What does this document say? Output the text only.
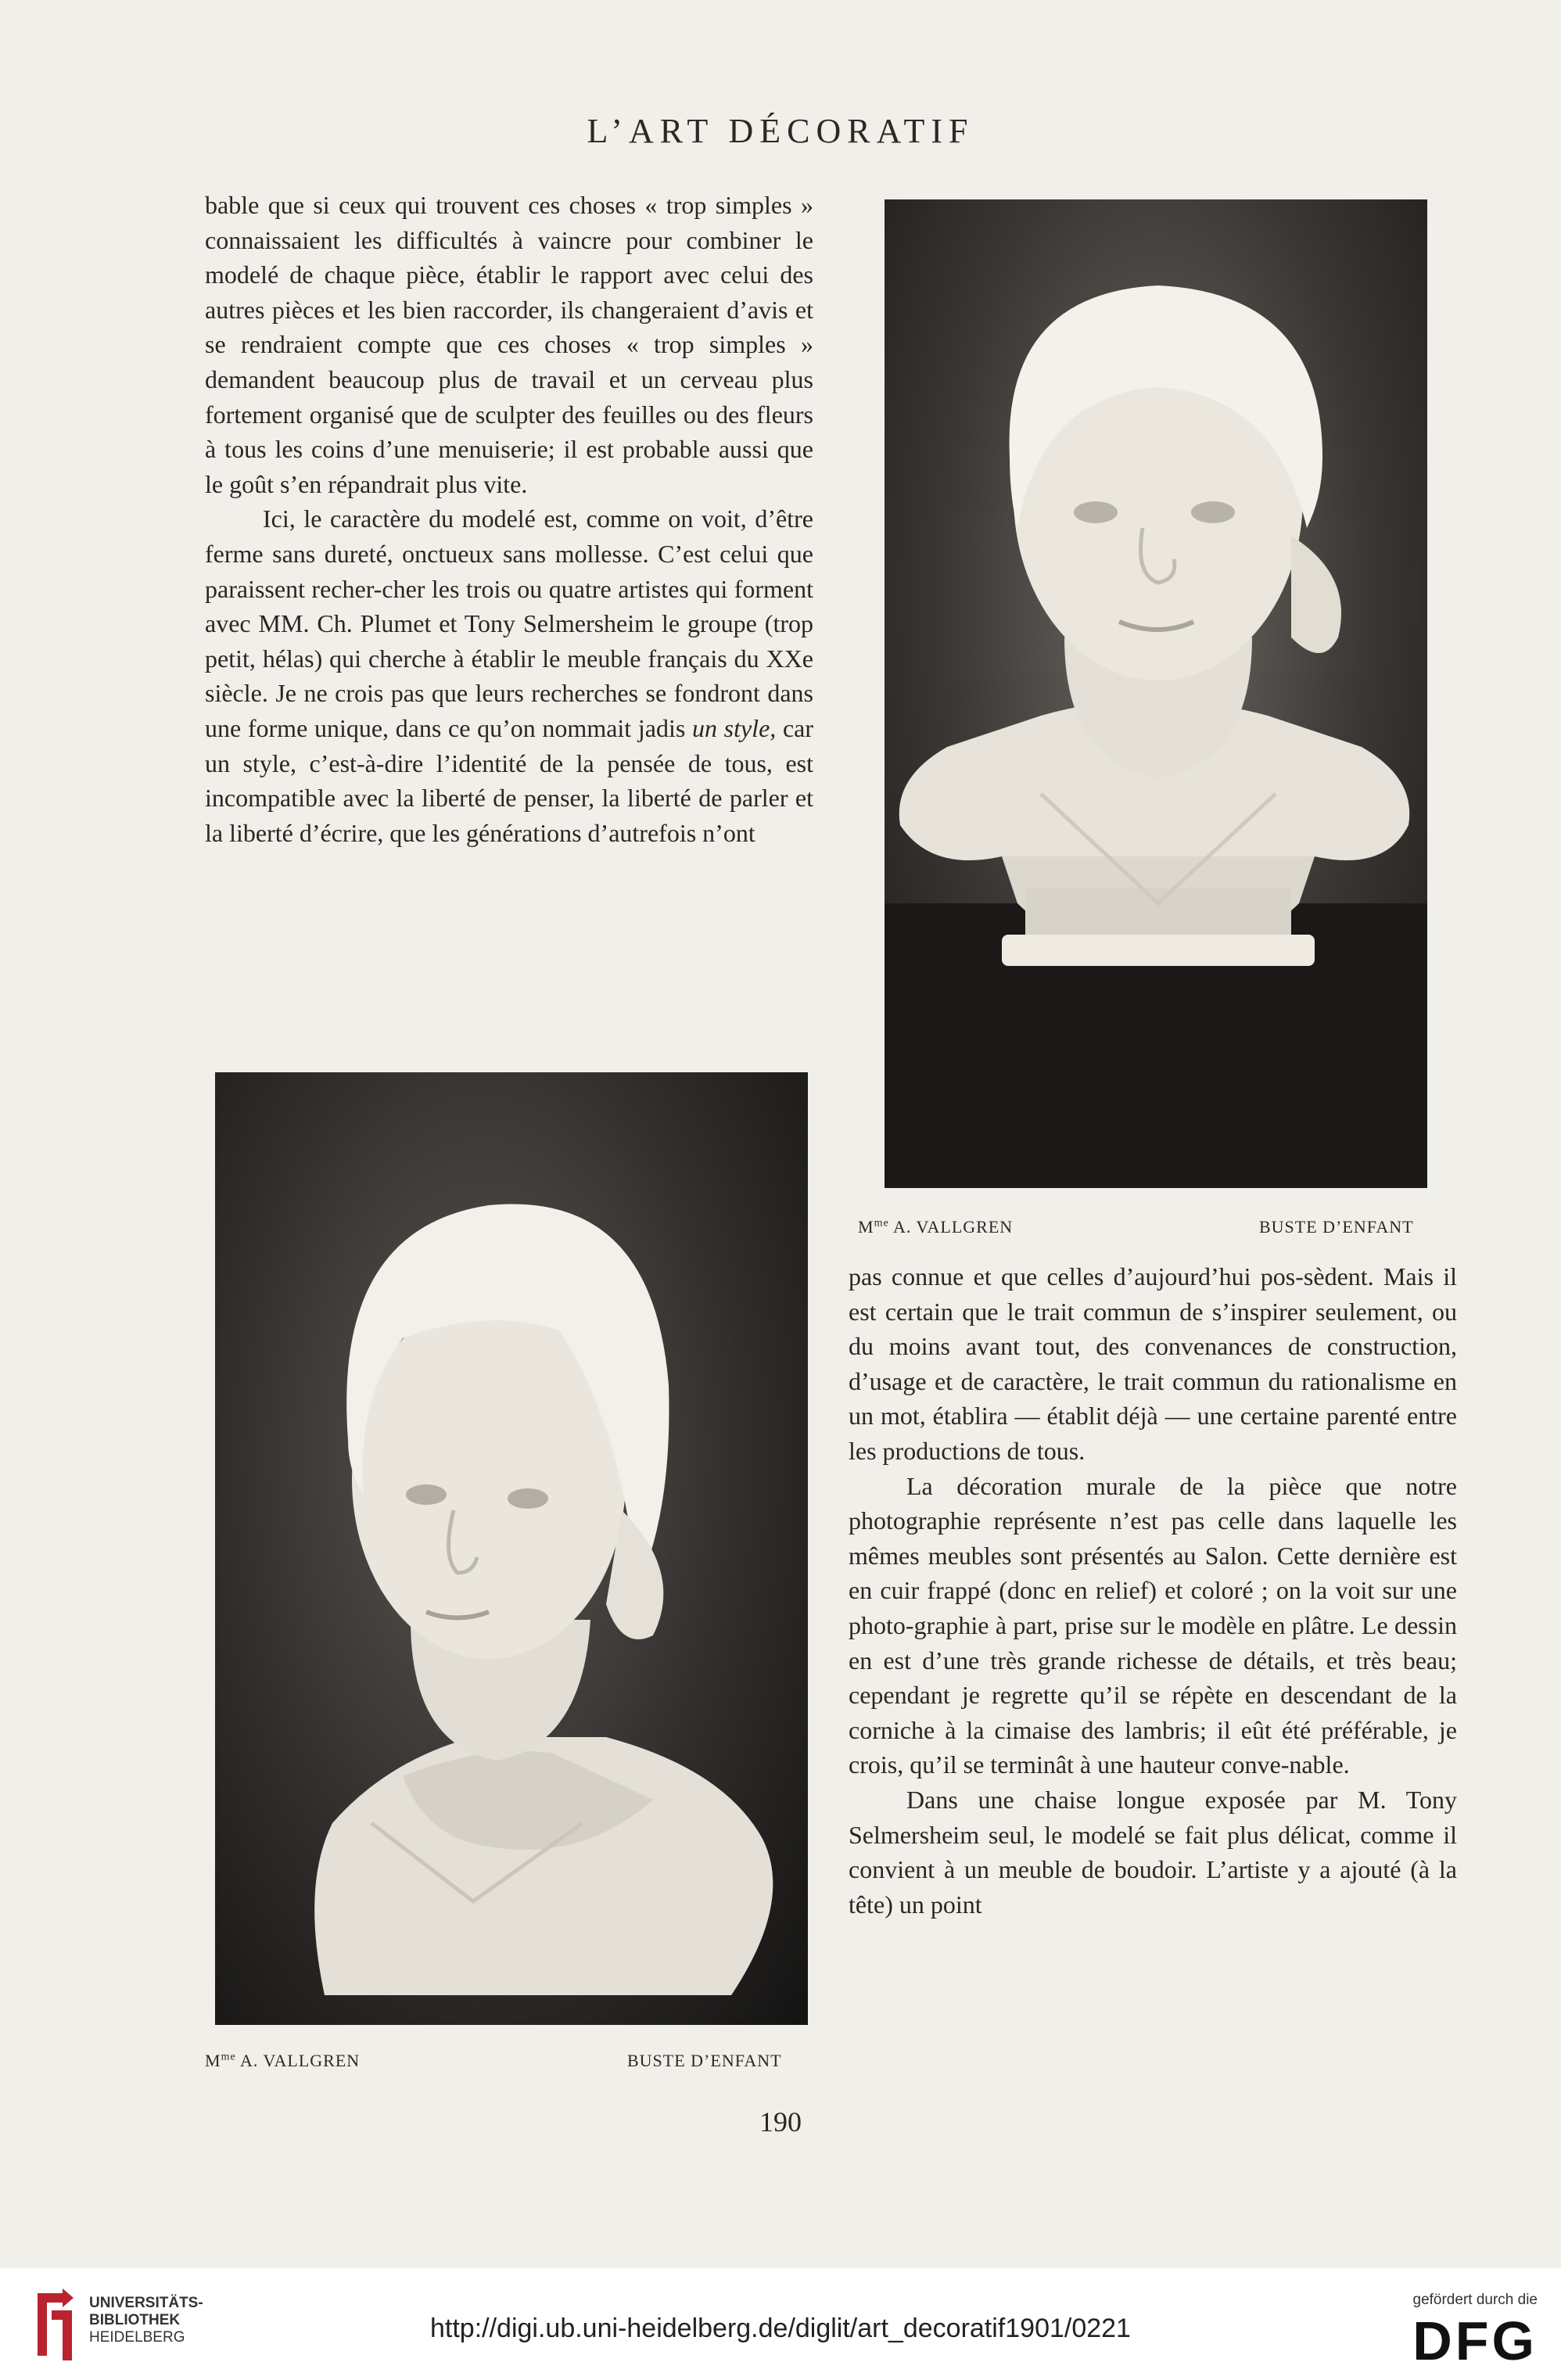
L’ART DÉCORATIF

bable que si ceux qui trouvent ces choses « trop simples » connaissaient les difficultés à vaincre pour combiner le modelé de chaque pièce, établir le rapport avec celui des autres pièces et les bien raccorder, ils changeraient d’avis et se rendraient compte que ces choses « trop simples » demandent beaucoup plus de travail et un cerveau plus fortement organisé que de sculpter des feuilles ou des fleurs à tous les coins d’une menuiserie; il est probable aussi que le goût s’en répandrait plus vite.

Ici, le caractère du modelé est, comme on voit, d’être ferme sans dureté, onctueux sans mollesse. C’est celui que paraissent recher-cher les trois ou quatre artistes qui forment avec MM. Ch. Plumet et Tony Selmersheim le groupe (trop petit, hélas) qui cherche à établir le meuble français du XXe siècle. Je ne crois pas que leurs recherches se fondront dans une forme unique, dans ce qu’on nommait jadis un style, car un style, c’est-à-dire l’identité de la pensée de tous, est incompatible avec la liberté de penser, la liberté de parler et la liberté d’écrire, que les générations d’autrefois n’ont

$M^{me}$ A. VALLGREN	BUSTE D’ENFANT
$M^{me}$ A. VALLGREN	BUSTE D’ENFANT

pas connue et que celles d’aujourd’hui pos-sèdent. Mais il est certain que le trait commun de s’inspirer seulement, ou du moins avant tout, des convenances de construction, d’usage et de caractère, le trait commun du rationalisme en un mot, établira — établit déjà — une certaine parenté entre les productions de tous.

La décoration murale de la pièce que notre photographie représente n’est pas celle dans laquelle les mêmes meubles sont présentés au Salon. Cette dernière est en cuir frappé (donc en relief) et coloré ; on la voit sur une photo-graphie à part, prise sur le modèle en plâtre. Le dessin en est d’une très grande richesse de détails, et très beau; cependant je regrette qu’il se répète en descendant de la corniche à la cimaise des lambris; il eût été préférable, je crois, qu’il se terminât à une hauteur conve-nable.

Dans une chaise longue exposée par M. Tony Selmersheim seul, le modelé se fait plus délicat, comme il convient à un meuble de boudoir. L’artiste y a ajouté (à la tête) un point

190
UNIVERSITÄTS-
BIBLIOTHEK
HEIDELBERG	http://digi.ub.uni-heidelberg.de/diglit/art_decoratif1901/0221
gefördert durch die
DFG
